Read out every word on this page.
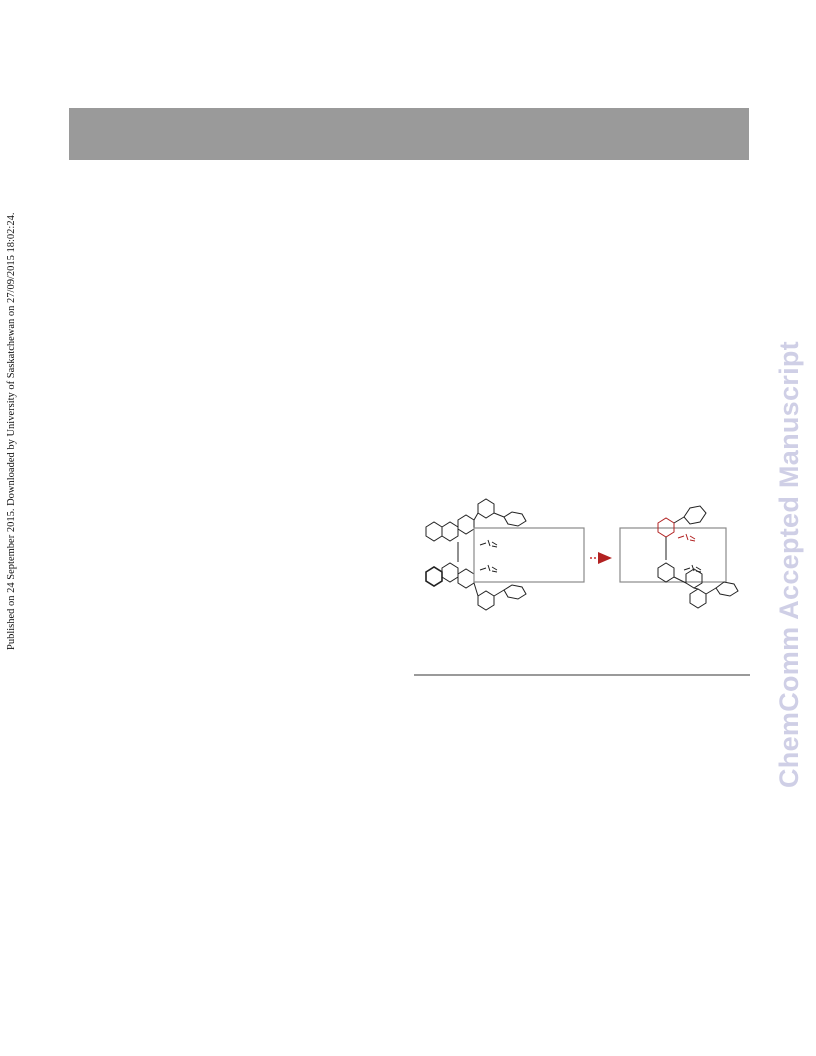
Published on 24 September 2015. Downloaded by University of Saskatchewan on 27/09/2015 18:02:24.	ChemComm Accepted Manuscript
